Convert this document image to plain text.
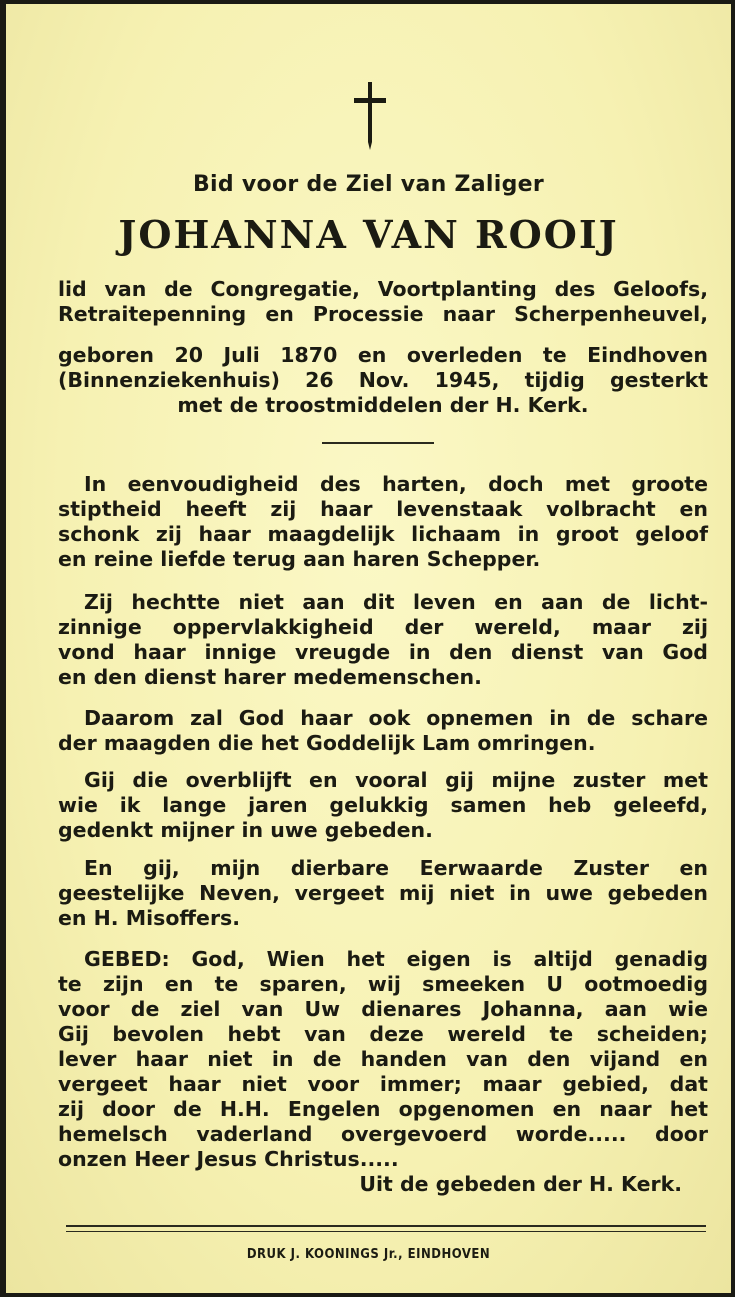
Bid voor de Ziel van Zaliger
JOHANNA VAN ROOIJ
lid van de Congregatie, Voortplanting des Geloofs,
Retraitepenning en Processie naar Scherpenheuvel,
geboren 20 Juli 1870 en overleden te Eindhoven
(Binnenziekenhuis) 26 Nov. 1945, tijdig gesterkt
met de troostmiddelen der H. Kerk.
In eenvoudigheid des harten, doch met groote
stiptheid heeft zij haar levenstaak volbracht en
schonk zij haar maagdelijk lichaam in groot geloof
en reine liefde terug aan haren Schepper.
Zij hechtte niet aan dit leven en aan de licht-
zinnige oppervlakkigheid der wereld, maar zij
vond haar innige vreugde in den dienst van God
en den dienst harer medemenschen.
Daarom zal God haar ook opnemen in de schare
der maagden die het Goddelijk Lam omringen.
Gij die overblijft en vooral gij mijne zuster met
wie ik lange jaren gelukkig samen heb geleefd,
gedenkt mijner in uwe gebeden.
En gij, mijn dierbare Eerwaarde Zuster en
geestelijke Neven, vergeet mij niet in uwe gebeden
en H. Misoffers.
GEBED: God, Wien het eigen is altijd genadig
te zijn en te sparen, wij smeeken U ootmoedig
voor de ziel van Uw dienares Johanna, aan wie
Gij bevolen hebt van deze wereld te scheiden;
lever haar niet in de handen van den vijand en
vergeet haar niet voor immer; maar gebied, dat
zij door de H.H. Engelen opgenomen en naar het
hemelsch vaderland overgevoerd worde..... door
onzen Heer Jesus Christus.....
Uit de gebeden der H. Kerk.
DRUK J. KOONINGS Jr., EINDHOVEN
